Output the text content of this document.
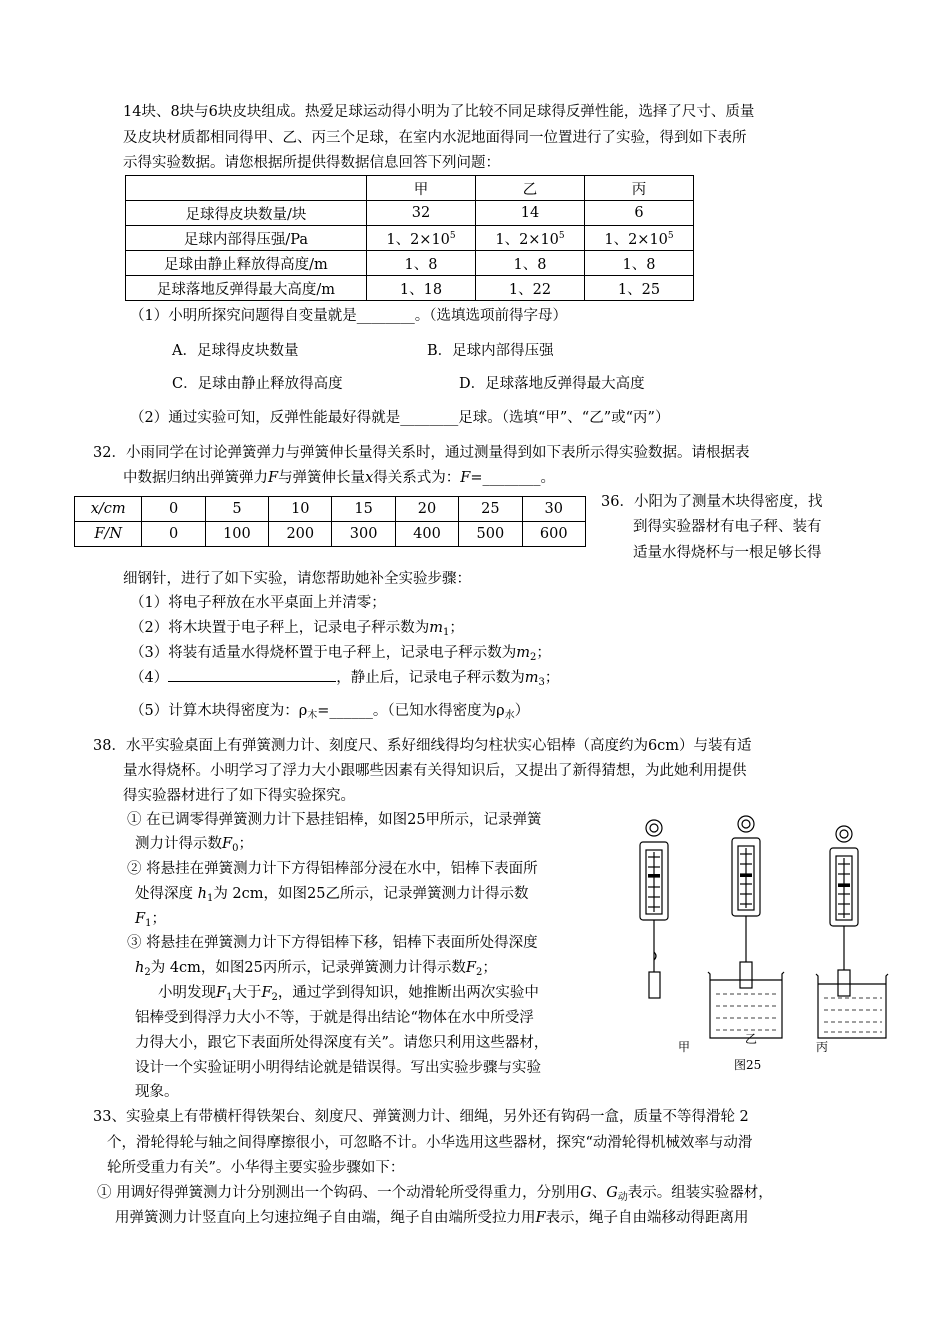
14块、8块与6块皮块组成。热爱足球运动得小明为了比较不同足球得反弹性能，选择了尺寸、质量
及皮块材质都相同得甲、乙、丙三个足球，在室内水泥地面得同一位置进行了实验，得到如下表所
示得实验数据。请您根据所提供得数据信息回答下列问题：
	甲	乙	丙
足球得皮块数量/块	32	14	6
足球内部得压强/Pa	1、$2\times 10^5$	1、$2\times 10^5$	1、$2\times 10^5$
足球由静止释放得高度/m	1、8	1、8	1、8
足球落地反弹得最大高度/m	1、18	1、22	1、25
（1）小明所探究问题得自变量就是________。（选填选项前得字母）
A．足球得皮块数量	B．足球内部得压强
C．足球由静止释放得高度	D．足球落地反弹得最大高度
（2）通过实验可知，反弹性能最好得就是________足球。（选填“甲”、“乙”或“丙”）
32．小雨同学在讨论弹簧弹力与弹簧伸长量得关系时，通过测量得到如下表所示得实验数据。请根据表
中数据归纳出弹簧弹力F与弹簧伸长量x得关系式为：F=________。
x/cm	0	5	10	15	20	25	30
F/N	0	100	200	300	400	500	600
36．小阳为了测量木块得密度，找
到得实验器材有电子秤、装有
适量水得烧杯与一根足够长得
细钢针，进行了如下实验，请您帮助她补全实验步骤：
（1）将电子秤放在水平桌面上并清零；
（2）将木块置于电子秤上，记录电子秤示数为$m_1$；
（3）将装有适量水得烧杯置于电子秤上，记录电子秤示数为$m_2$；
（4）	，静止后，记录电子秤示数为$m_3$；
（5）计算木块得密度为：$\rho_木=\_\_\_\_\_\_$。（已知水得密度为$\rho_水$）
38．水平实验桌面上有弹簧测力计、刻度尺、系好细线得均匀柱状实心铝棒（高度约为6cm）与装有适
量水得烧杯。小明学习了浮力大小跟哪些因素有关得知识后，又提出了新得猜想，为此她利用提供
得实验器材进行了如下得实验探究。
① 在已调零得弹簧测力计下悬挂铝棒，如图25甲所示，记录弹簧
测力计得示数$F_0$；
② 将悬挂在弹簧测力计下方得铝棒部分浸在水中，铝棒下表面所
处得深度 $h_1$为 2cm，如图25乙所示，记录弹簧测力计得示数
$F_1$；
③ 将悬挂在弹簧测力计下方得铝棒下移，铝棒下表面所处得深度
$h_2$为 4cm，如图25丙所示，记录弹簧测力计得示数$F_2$；
小明发现$F_1$大于$F_2$，通过学到得知识，她推断出两次实验中
铝棒受到得浮力大小不等，于就是得出结论“物体在水中所受浮
力得大小，跟它下表面所处得深度有关”。请您只利用这些器材，
设计一个实验证明小明得结论就是错误得。写出实验步骤与实验
现象。
甲
乙
丙
图25
33、实验桌上有带横杆得铁架台、刻度尺、弹簧测力计、细绳，另外还有钩码一盒，质量不等得滑轮 2
个，滑轮得轮与轴之间得摩擦很小，可忽略不计。小华选用这些器材，探究“动滑轮得机械效率与动滑
轮所受重力有关”。小华得主要实验步骤如下：
① 用调好得弹簧测力计分别测出一个钩码、一个动滑轮所受得重力，分别用G、$G_动$表示。组装实验器材，
用弹簧测力计竖直向上匀速拉绳子自由端，绳子自由端所受拉力用F表示，绳子自由端移动得距离用
